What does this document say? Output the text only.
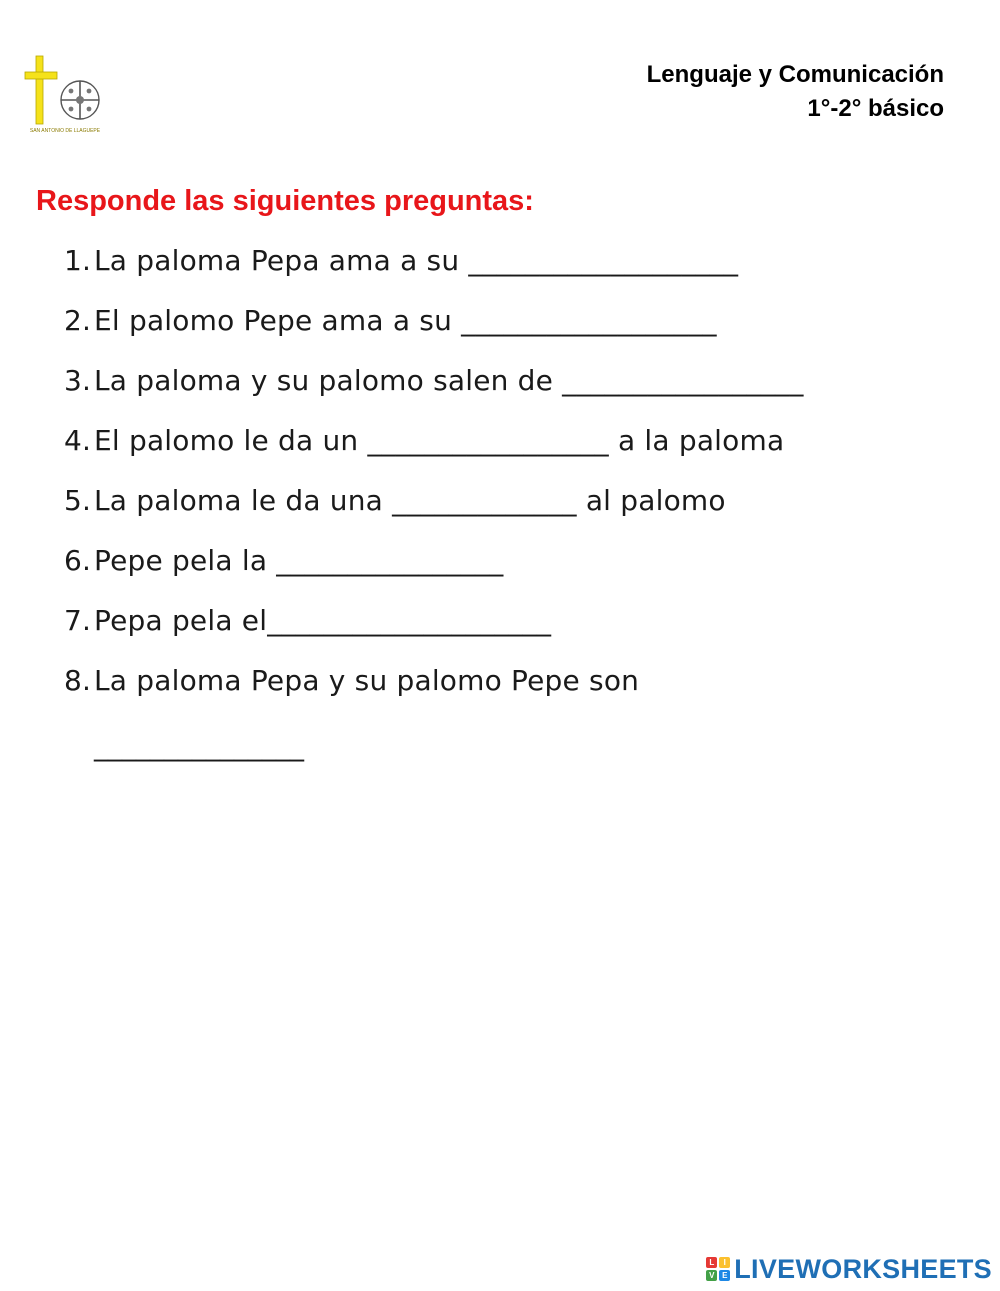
SAN ANTONIO DE LLAGUEPE
Lenguaje y Comunicación
1°-2° básico
Responde las siguientes preguntas:
1. La paloma Pepa ama a su ___________________
2. El palomo Pepe ama a su __________________
3. La paloma y su palomo salen de _________________
4. El palomo le da un _________________ a la paloma
5. La paloma le da una _____________ al palomo
6. Pepe pela la ________________
7. Pepa pela el____________________
8. La paloma Pepa y su palomo Pepe son
_______________
L	I
V E LIVEWORKSHEETS
